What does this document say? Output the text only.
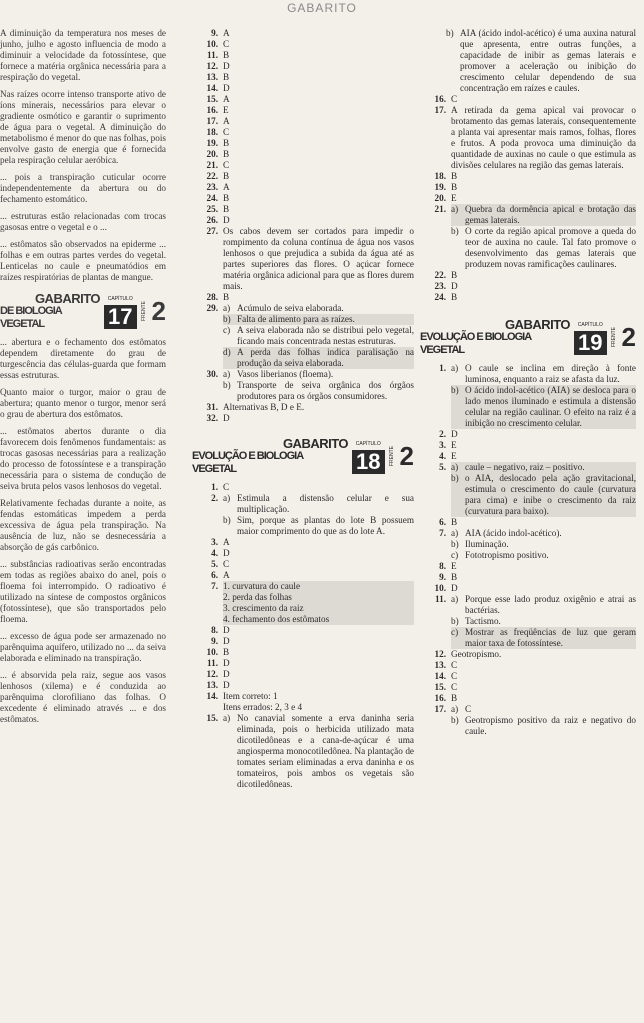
GABARITO

A diminuição da temperatura nos meses de junho, julho e agosto influencia de modo a diminuir a velocidade da fotossíntese, que fornece a matéria orgânica necessária para a respiração do vegetal.

Nas raízes ocorre intenso transporte ativo de íons minerais, necessários para elevar o gradiente osmótico e garantir o suprimento de água para o vegetal. A diminuição do metabolismo é menor do que nas folhas, pois envolve gasto de energia que é fornecida pela respiração celular aeróbica.

... pois a transpiração cuticular ocorre independentemente da abertura ou do fechamento estomático.

... estruturas estão relacionadas com trocas gasosas entre o vegetal e o ...

... estômatos são observados na epiderme ... folhas e em outras partes verdes do vegetal. Lenticelas no caule e pneumatódios em raízes respiratórias de plantas de mangue.

GABARITO
DE BIOLOGIA VEGETAL
CAPÍTULO
17	FRENTE 2

... abertura e o fechamento dos estômatos dependem diretamente do grau de turgescência das células-guarda que formam essas estruturas.

Quanto maior o turgor, maior o grau de abertura; quanto menor o turgor, menor será o grau de abertura dos estômatos.

... estômatos abertos durante o dia favorecem dois fenômenos fundamentais: as trocas gasosas necessárias para a realização do processo de fotossíntese e a transpiração necessária para o sistema de condução de seiva bruta pelos vasos lenhosos do vegetal.

Relativamente fechadas durante a noite, as fendas estomáticas impedem a perda excessiva de água pela transpiração. Na ausência de luz, não se desnecessária a absorção de gás carbônico.

... substâncias radioativas serão encontradas em todas as regiões abaixo do anel, pois o floema foi interrompido. O radioativo é utilizado na síntese de compostos orgânicos (fotossíntese), que são transportados pelo floema.

... excesso de água pode ser armazenado no parênquima aquífero, utilizado no ... da seiva elaborada e eliminado na transpiração.

... é absorvida pela raiz, segue aos vasos lenhosos (xilema) e é conduzida ao parênquima clorofiliano das folhas. O excedente é eliminado através ... e dos estômatos.

9. A
10. C
11. B
12. D
13. B
14. D
15. A
16. E
17. A
18. C
19. B
20. B
21. C
22. B
23. A
24. B
25. B
26. D
27. Os cabos devem ser cortados para impedir o rompimento da coluna contínua de água nos vasos lenhosos o que prejudica a subida da água até as partes superiores das flores. O açúcar fornece matéria orgânica adicional para que as flores durem mais.
28. B
29. a) Acúmulo de seiva elaborada.
b) Falta de alimento para as raízes.
c) A seiva elaborada não se distribui pelo vegetal, ficando mais concentrada nestas estruturas.
d) A perda das folhas indica paralisação na produção da seiva elaborada.
30. a) Vasos liberianos (floema).
b) Transporte de seiva orgânica dos órgãos produtores para os órgãos consumidores.
31. Alternativas B, D e E.
32. D
GABARITO
EVOLUÇÃO E BIOLOGIA VEGETAL
CAPÍTULO
18	FRENTE 2
1. C
2. a) Estimula a distensão celular e sua multiplicação.
b) Sim, porque as plantas do lote B possuem maior comprimento do que as do lote A.
3. A
4. D
5. C
6. A
7. 1. curvatura do caule
2. perda das folhas
3. crescimento da raiz
4. fechamento dos estômatos
8. D
9. D
10. B
11. D
12. D
13. D
14. Item correto: 1
Itens errados: 2, 3 e 4
15. a) No canavial somente a erva daninha seria eliminada, pois o herbicida utilizado mata dicotiledôneas e a cana-de-açúcar é uma angiosperma monocotiledônea. Na plantação de tomates seriam eliminadas a erva daninha e os tomateiros, pois ambos os vegetais são dicotiledôneas.
b) AIA (ácido indol-acético) é uma auxina natural que apresenta, entre outras funções, a capacidade de inibir as gemas laterais e promover a aceleração ou inibição do crescimento celular dependendo de sua concentração em raízes e caules.
16. C
17. A retirada da gema apical vai provocar o brotamento das gemas laterais, consequentemente a planta vai apresentar mais ramos, folhas, flores e frutos. A poda provoca uma diminuição da quantidade de auxinas no caule o que estimula as divisões celulares na região das gemas laterais.
18. B
19. B
20. E
21. a) Quebra da dormência apical e brotação das gemas laterais.
b) O corte da região apical promove a queda do teor de auxina no caule. Tal fato promove o desenvolvimento das gemas laterais que produzem novas ramificações caulinares.
22. B
23. D
24. B
GABARITO
EVOLUÇÃO E BIOLOGIA VEGETAL
CAPÍTULO
19	FRENTE 2
1. a) O caule se inclina em direção à fonte luminosa, enquanto a raiz se afasta da luz.
b) O ácido indol-acético (AIA) se desloca para o lado menos iluminado e estimula a distensão celular na região caulinar. O efeito na raiz é a inibição no crescimento celular.
2. D
3. E
4. E
5. a) caule – negativo, raiz – positivo.
b) o AIA, deslocado pela ação gravitacional, estimula o crescimento do caule (curvatura para cima) e inibe o crescimento da raiz (curvatura para baixo).
6. B
7. a) AIA (ácido indol-acético).
b) Iluminação.
c) Fototropismo positivo.
8. E
9. B
10. D
11. a) Porque esse lado produz oxigênio e atrai as bactérias.
b) Tactismo.
c) Mostrar as freqüências de luz que geram maior taxa de fotossíntese.
12. Geotropismo.
13. C
14. C
15. C
16. B
17. a) C
b) Geotropismo positivo da raiz e negativo do caule.
